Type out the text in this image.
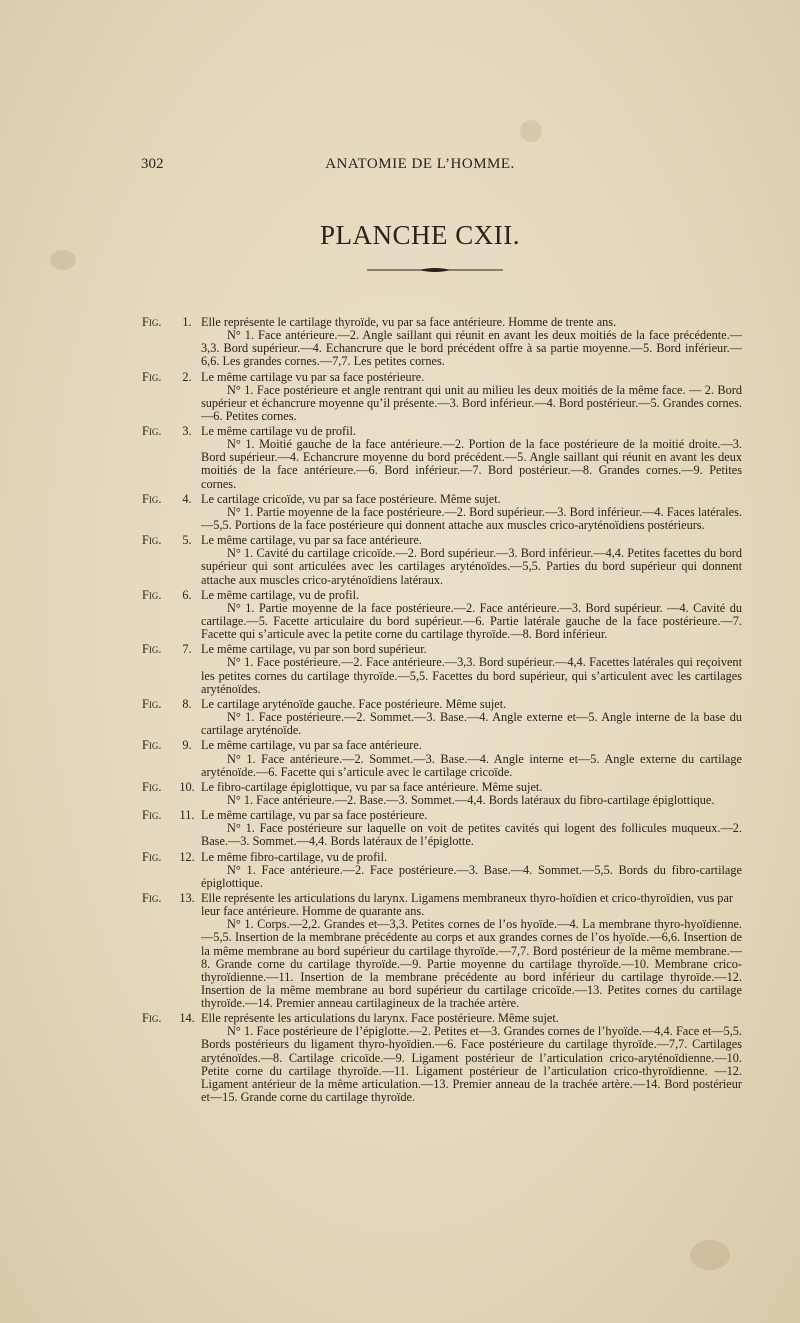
302	ANATOMIE DE L’HOMME.
PLANCHE CXII.
Fig.	1. Elle représente le cartilage thyroïde, vu par sa face antérieure. Homme de trente ans.
N° 1. Face antérieure.—2. Angle saillant qui réunit en avant les deux moitiés de la face précédente.—3,3. Bord supérieur.—4. Echancrure que le bord précédent offre à sa partie moyenne.—5. Bord inférieur.—6,6. Les grandes cornes.—7,7. Les petites cornes.
Fig.	2. Le même cartilage vu par sa face postérieure.
N° 1. Face postérieure et angle rentrant qui unit au milieu les deux moitiés de la même face. — 2. Bord supérieur et échancrure moyenne qu’il présente.—3. Bord inférieur.—4. Bord postérieur.—5. Grandes cornes.—6. Petites cornes.
Fig.	3. Le même cartilage vu de profil.
N° 1. Moitié gauche de la face antérieure.—2. Portion de la face postérieure de la moitié droite.—3. Bord supérieur.—4. Echancrure moyenne du bord précédent.—5. Angle saillant qui réunit en avant les deux moitiés de la face antérieure.—6. Bord inférieur.—7. Bord postérieur.—8. Grandes cornes.—9. Petites cornes.
Fig.	4. Le cartilage cricoïde, vu par sa face postérieure. Même sujet.
N° 1. Partie moyenne de la face postérieure.—2. Bord supérieur.—3. Bord inférieur.—4. Faces latérales.—5,5. Portions de la face postérieure qui donnent attache aux muscles crico-aryténoïdiens postérieurs.
Fig.	5. Le même cartilage, vu par sa face antérieure.
N° 1. Cavité du cartilage cricoïde.—2. Bord supérieur.—3. Bord inférieur.—4,4. Petites facettes du bord supérieur qui sont articulées avec les cartilages aryténoïdes.—5,5. Parties du bord supérieur qui donnent attache aux muscles crico-aryténoïdiens latéraux.
Fig.	6. Le même cartilage, vu de profil.
N° 1. Partie moyenne de la face postérieure.—2. Face antérieure.—3. Bord supérieur. —4. Cavité du cartilage.—5. Facette articulaire du bord supérieur.—6. Partie latérale gauche de la face postérieure.—7. Facette qui s’articule avec la petite corne du cartilage thyroïde.—8. Bord inférieur.
Fig.	7. Le même cartilage, vu par son bord supérieur.
N° 1. Face postérieure.—2. Face antérieure.—3,3. Bord supérieur.—4,4. Facettes latérales qui reçoivent les petites cornes du cartilage thyroïde.—5,5. Facettes du bord supérieur, qui s’articulent avec les cartilages aryténoïdes.
Fig.	8. Le cartilage aryténoïde gauche. Face postérieure. Même sujet.
N° 1. Face postérieure.—2. Sommet.—3. Base.—4. Angle externe et—5. Angle interne de la base du cartilage aryténoïde.
Fig.	9. Le même cartilage, vu par sa face antérieure.
N° 1. Face antérieure.—2. Sommet.—3. Base.—4. Angle interne et—5. Angle externe du cartilage aryténoïde.—6. Facette qui s’articule avec le cartilage cricoïde.
Fig. 10. Le fibro-cartilage épiglottique, vu par sa face antérieure. Même sujet.
N° 1. Face antérieure.—2. Base.—3. Sommet.—4,4. Bords latéraux du fibro-cartilage épiglottique.
Fig. 11. Le même cartilage, vu par sa face postérieure.
N° 1. Face postérieure sur laquelle on voit de petites cavités qui logent des follicules muqueux.—2. Base.—3. Sommet.—4,4. Bords latéraux de l’épiglotte.
Fig. 12. Le même fibro-cartilage, vu de profil.
N° 1. Face antérieure.—2. Face postérieure.—3. Base.—4. Sommet.—5,5. Bords du fibro-cartilage épiglottique.
Fig. 13. Elle représente les articulations du larynx. Ligamens membraneux thyro-hoïdien et crico-thyroïdien, vus par leur face antérieure. Homme de quarante ans.
N° 1. Corps.—2,2. Grandes et—3,3. Petites cornes de l’os hyoïde.—4. La membrane thyro-hyoïdienne.—5,5. Insertion de la membrane précédente au corps et aux grandes cornes de l’os hyoïde.—6,6. Insertion de la même membrane au bord supérieur du cartilage thyroïde.—7,7. Bord postérieur de la même membrane.—8. Grande corne du cartilage thyroïde.—9. Partie moyenne du cartilage thyroïde.—10. Membrane crico-thyroïdienne.—11. Insertion de la membrane précédente au bord inférieur du cartilage thyroïde.—12. Insertion de la même membrane au bord supérieur du cartilage cricoïde.—13. Petites cornes du cartilage thyroïde.—14. Premier anneau cartilagineux de la trachée artère.
Fig. 14. Elle représente les articulations du larynx. Face postérieure. Même sujet.
N° 1. Face postérieure de l’épiglotte.—2. Petites et—3. Grandes cornes de l’hyoïde.—4,4. Face et—5,5. Bords postérieurs du ligament thyro-hyoïdien.—6. Face postérieure du cartilage thyroïde.—7,7. Cartilages aryténoïdes.—8. Cartilage cricoïde.—9. Ligament postérieur de l’articulation crico-aryténoïdienne.—10. Petite corne du cartilage thyroïde.—11. Ligament postérieur de l’articulation crico-thyroïdienne. —12. Ligament antérieur de la même articulation.—13. Premier anneau de la trachée artère.—14. Bord postérieur et—15. Grande corne du cartilage thyroïde.
